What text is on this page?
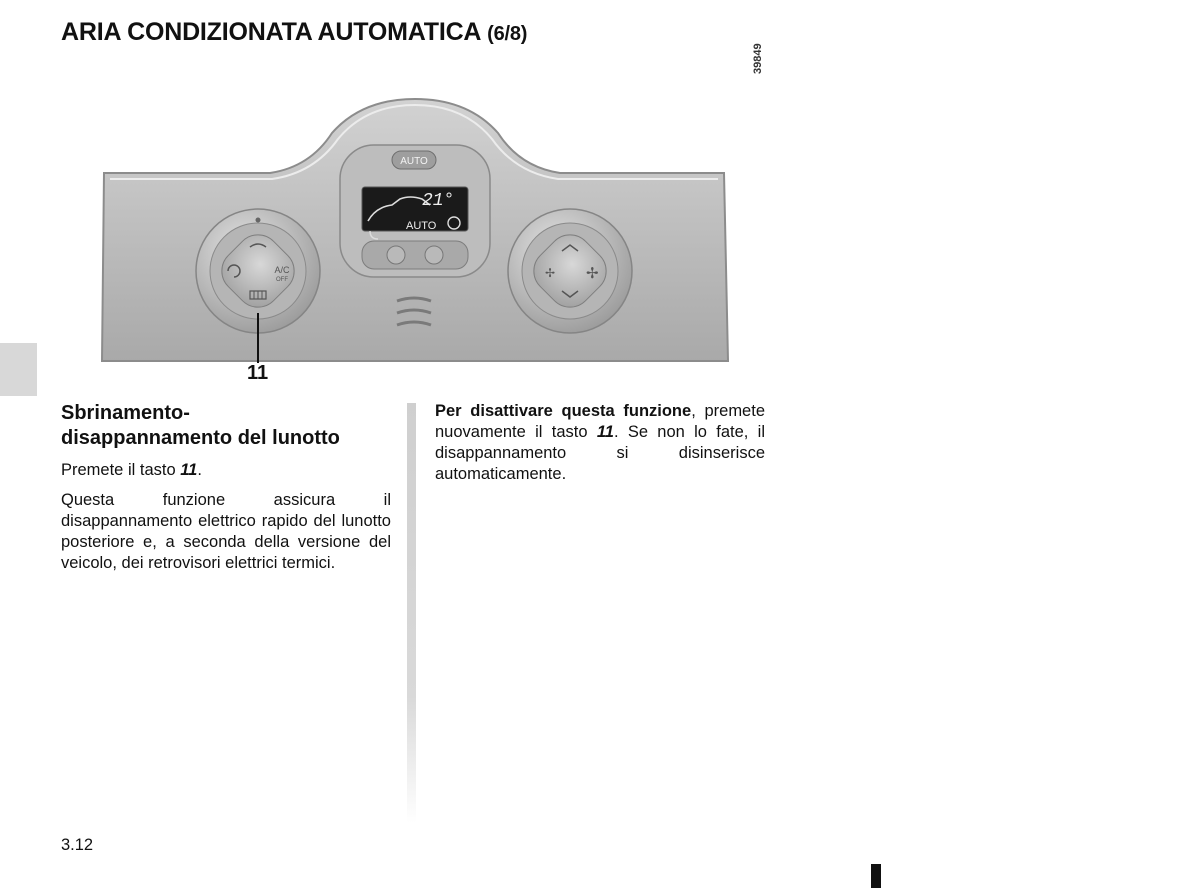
ARIA CONDIZIONATA AUTOMATICA (6/8)
39849
AUTO
21°
AUTO
A/C
OFF	✢ ✢
11
Sbrinamento-
disappannamento del lunotto

Premete il tasto 11.

Questa funzione assicura il disappannamento elettrico rapido del lunotto posteriore e, a seconda della versione del veicolo, dei retrovisori elettrici termici.

Per disattivare questa funzione, premete nuovamente il tasto 11. Se non lo fate, il disappannamento si disinserisce automaticamente.

3.12
